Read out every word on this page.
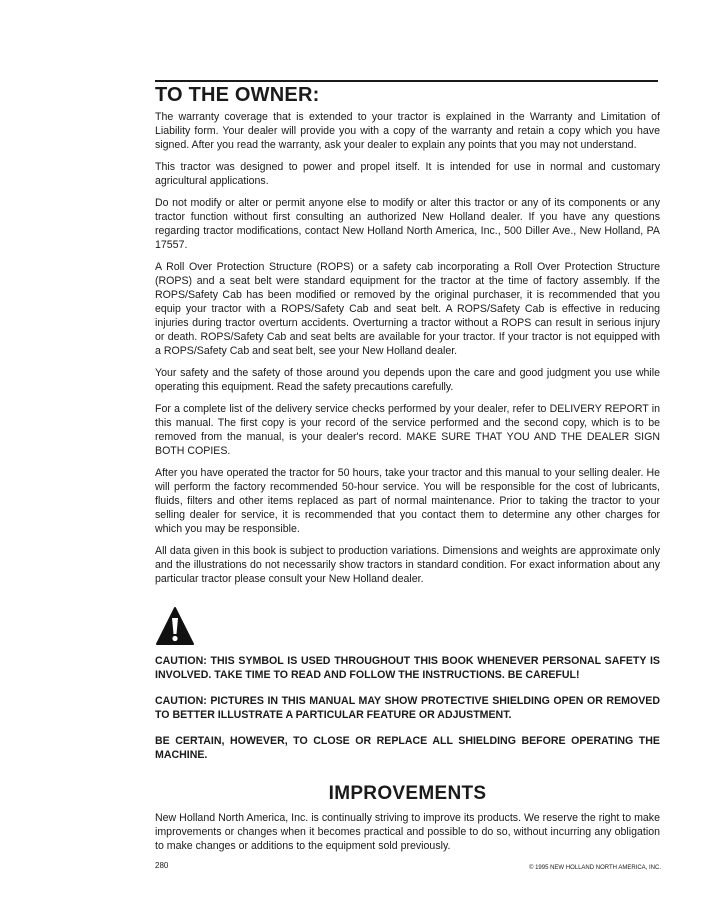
TO THE OWNER:

The warranty coverage that is extended to your tractor is explained in the Warranty and Limitation of Liability form. Your dealer will provide you with a copy of the warranty and retain a copy which you have signed. After you read the warranty, ask your dealer to explain any points that you may not understand.

This tractor was designed to power and propel itself. It is intended for use in normal and customary agricultural applications.

Do not modify or alter or permit anyone else to modify or alter this tractor or any of its components or any tractor function without first consulting an authorized New Holland dealer. If you have any questions regarding tractor modifications, contact New Holland North America, Inc., 500 Diller Ave., New Holland, PA 17557.

A Roll Over Protection Structure (ROPS) or a safety cab incorporating a Roll Over Protection Structure (ROPS) and a seat belt were standard equipment for the tractor at the time of factory assembly. If the ROPS/Safety Cab has been modified or removed by the original purchaser, it is recommended that you equip your tractor with a ROPS/Safety Cab and seat belt. A ROPS/Safety Cab is effective in reducing injuries during tractor overturn accidents. Overturning a tractor without a ROPS can result in serious injury or death. ROPS/Safety Cab and seat belts are available for your tractor. If your tractor is not equipped with a ROPS/Safety Cab and seat belt, see your New Holland dealer.

Your safety and the safety of those around you depends upon the care and good judgment you use while operating this equipment. Read the safety precautions carefully.

For a complete list of the delivery service checks performed by your dealer, refer to DELIVERY REPORT in this manual. The first copy is your record of the service performed and the second copy, which is to be removed from the manual, is your dealer's record. MAKE SURE THAT YOU AND THE DEALER SIGN BOTH COPIES.

After you have operated the tractor for 50 hours, take your tractor and this manual to your selling dealer. He will perform the factory recommended 50-hour service. You will be responsible for the cost of lubricants, fluids, filters and other items replaced as part of normal maintenance. Prior to taking the tractor to your selling dealer for service, it is recommended that you contact them to determine any other charges for which you may be responsible.

All data given in this book is subject to production variations. Dimensions and weights are approximate only and the illustrations do not necessarily show tractors in standard condition. For exact information about any particular tractor please consult your New Holland dealer.

CAUTION: THIS SYMBOL IS USED THROUGHOUT THIS BOOK WHENEVER PERSONAL SAFETY IS INVOLVED. TAKE TIME TO READ AND FOLLOW THE INSTRUCTIONS. BE CAREFUL!

CAUTION: PICTURES IN THIS MANUAL MAY SHOW PROTECTIVE SHIELDING OPEN OR REMOVED TO BETTER ILLUSTRATE A PARTICULAR FEATURE OR ADJUSTMENT.

BE CERTAIN, HOWEVER, TO CLOSE OR REPLACE ALL SHIELDING BEFORE OPERATING THE MACHINE.

IMPROVEMENTS

New Holland North America, Inc. is continually striving to improve its products. We reserve the right to make improvements or changes when it becomes practical and possible to do so, without incurring any obligation to make changes or additions to the equipment sold previously.

280	© 1995 NEW HOLLAND NORTH AMERICA, INC.
